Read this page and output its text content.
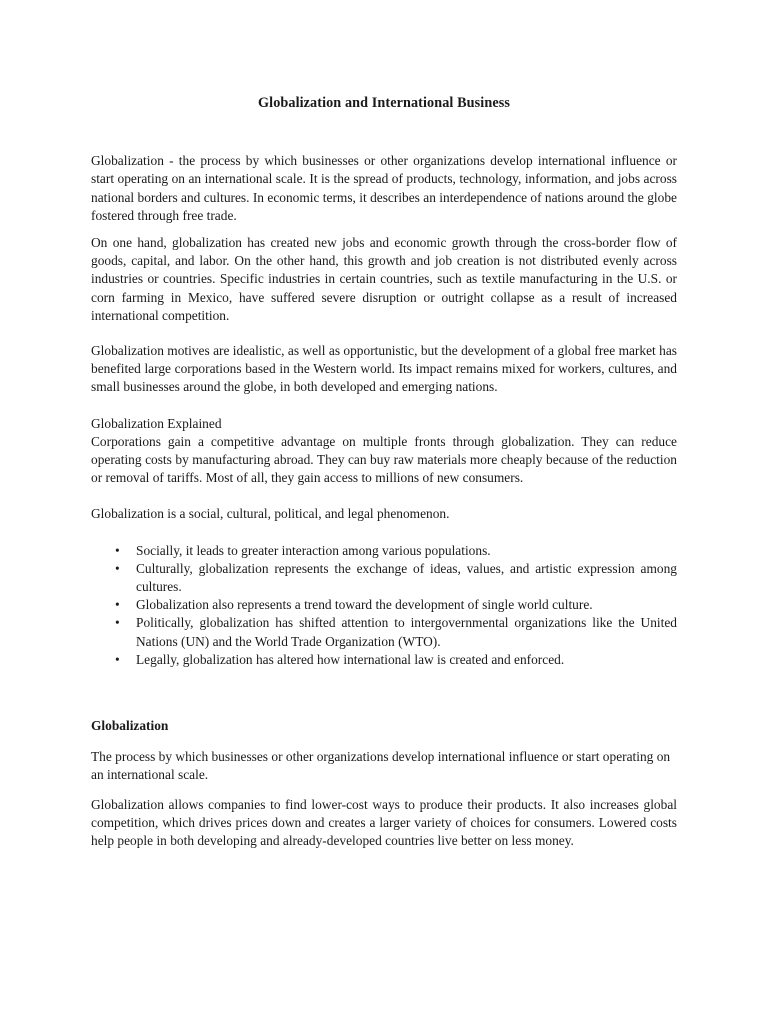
Globalization and International Business

Globalization - the process by which businesses or other organizations develop international influence or start operating on an international scale. It is the spread of products, technology, information, and jobs across national borders and cultures. In economic terms, it describes an interdependence of nations around the globe fostered through free trade.

On one hand, globalization has created new jobs and economic growth through the cross-border flow of goods, capital, and labor. On the other hand, this growth and job creation is not distributed evenly across industries or countries. Specific industries in certain countries, such as textile manufacturing in the U.S. or corn farming in Mexico, have suffered severe disruption or outright collapse as a result of increased international competition.

Globalization motives are idealistic, as well as opportunistic, but the development of a global free market has benefited large corporations based in the Western world. Its impact remains mixed for workers, cultures, and small businesses around the globe, in both developed and emerging nations.

Globalization Explained

Corporations gain a competitive advantage on multiple fronts through globalization. They can reduce operating costs by manufacturing abroad. They can buy raw materials more cheaply because of the reduction or removal of tariffs. Most of all, they gain access to millions of new consumers.

Globalization is a social, cultural, political, and legal phenomenon.

• Socially, it leads to greater interaction among various populations.
• Culturally, globalization represents the exchange of ideas, values, and artistic expression among cultures.
• Globalization also represents a trend toward the development of single world culture.
• Politically, globalization has shifted attention to intergovernmental organizations like the United Nations (UN) and the World Trade Organization (WTO).
• Legally, globalization has altered how international law is created and enforced.

Globalization

The process by which businesses or other organizations develop international influence or start operating on an international scale.

Globalization allows companies to find lower-cost ways to produce their products. It also increases global competition, which drives prices down and creates a larger variety of choices for consumers. Lowered costs help people in both developing and already-developed countries live better on less money.
